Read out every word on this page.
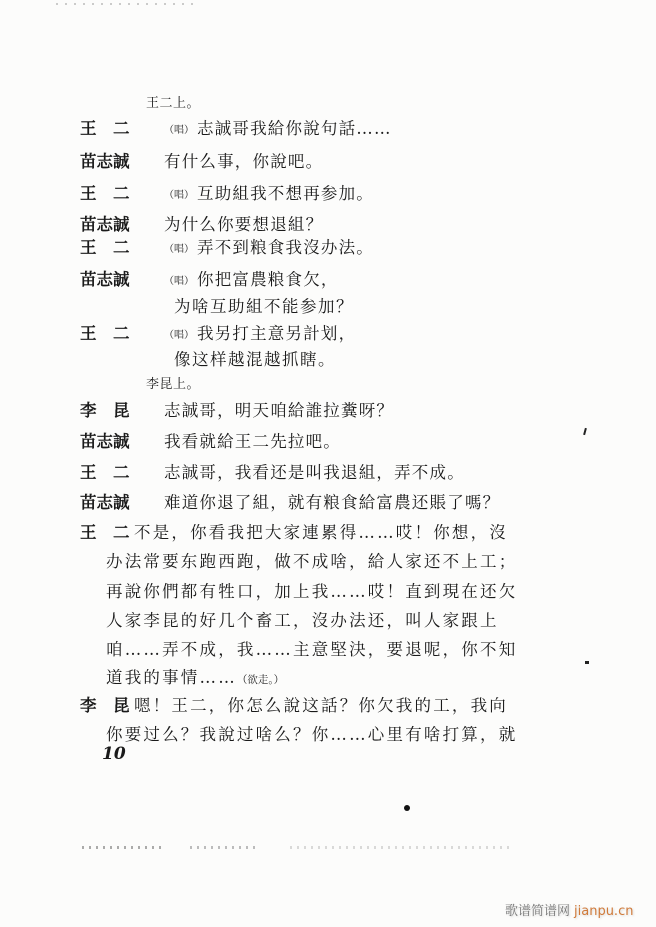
王二上。
王　二	（唱） 志誠哥我給你說句話……
苗志誠 有什么事，你說吧。
王　二	（唱） 互助組我不想再参加。
苗志誠 为什么你要想退組？
王　二	（唱） 弄不到粮食我沒办法。
苗志誠	（唱） 你把富農粮食欠，
为啥互助組不能参加？
王　二	（唱） 我另打主意另計划，
像这样越混越抓瞎。
李昆上。
李　昆 志誠哥，明天咱給誰拉糞呀？
苗志誠 我看就給王二先拉吧。
王　二 志誠哥，我看还是叫我退組，弄不成。
苗志誠 难道你退了組，就有粮食給富農还賬了嗎？
王　二 不是，你看我把大家連累得……哎！你想，沒
办法常要东跑西跑，做不成啥，給人家还不上工；
再說你們都有牲口，加上我……哎！直到現在还欠
人家李昆的好几个畜工，沒办法还，叫人家跟上
咱……弄不成，我……主意堅決，要退呢，你不知
道我的事情……（欲走。）
李　昆 嗯！王二，你怎么說这話？你欠我的工，我向
你要过么？我說过啥么？你……心里有啥打算，就
10
歌谱简谱网 jianpu.cn
